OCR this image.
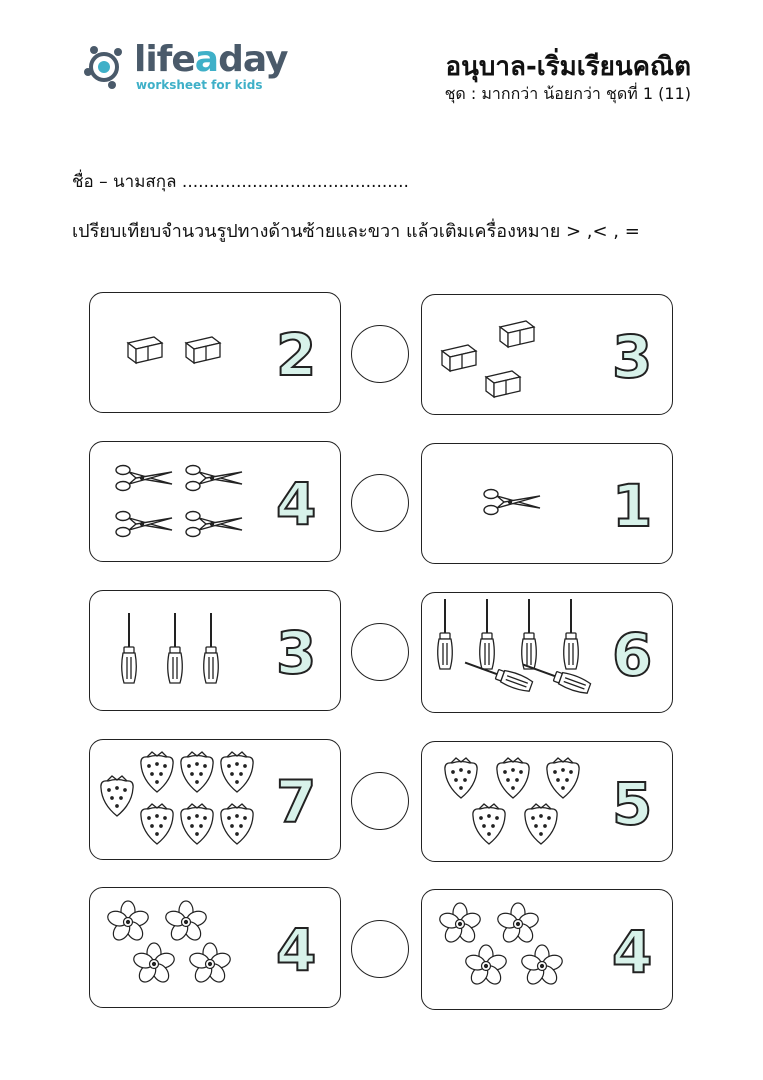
lifeaday
worksheet for kids
อนุบาล-เริ่มเรียนคณิต
ชุด : มากกว่า น้อยกว่า ชุดที่ 1 (11)
ชื่อ – นามสกุล ..........................................
เปรียบเทียบจำนวนรูปทางด้านซ้ายและขวา แล้วเติมเครื่องหมาย > ,< , =
2	3
4	1
3	6
7	5
4	4
